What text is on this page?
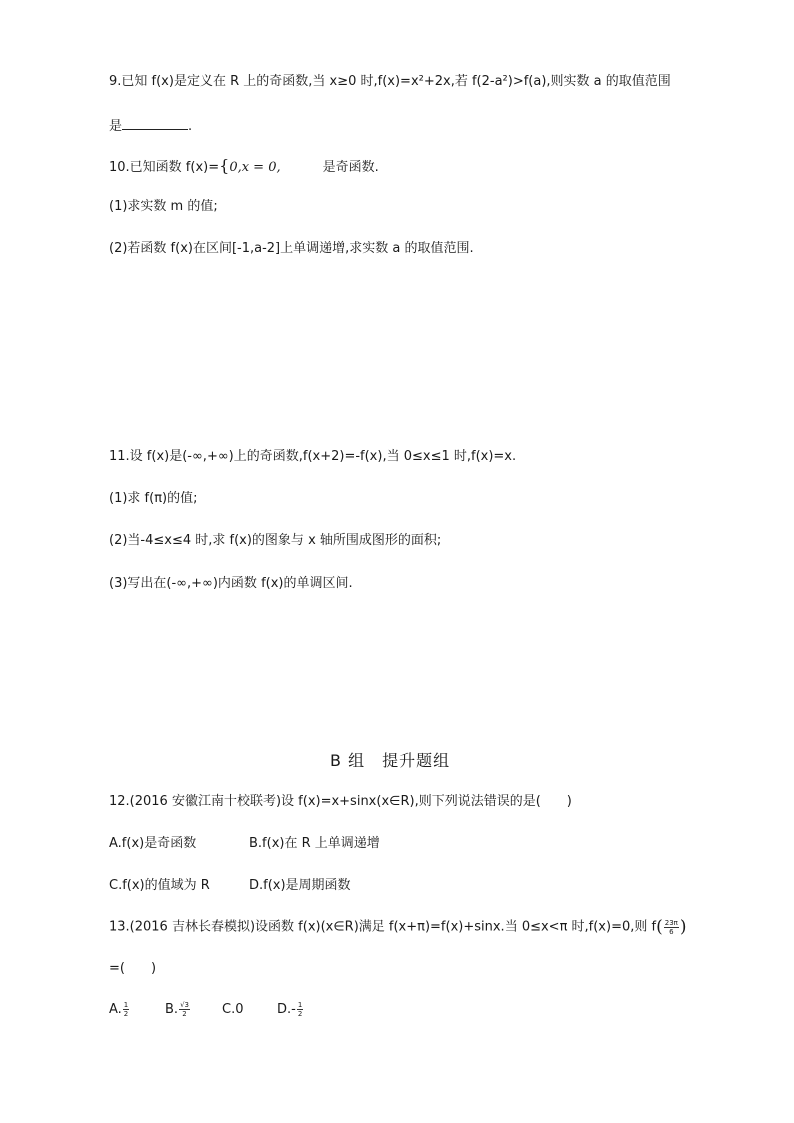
9.已知 f(x)是定义在 R 上的奇函数,当 x≥0 时,f(x)=x²+2x,若 f(2-a²)>f(a),则实数 a 的取值范围
是	.
10.已知函数 f(x)={0,x = 0,	是奇函数.
(1)求实数 m 的值;
(2)若函数 f(x)在区间[-1,a-2]上单调递增,求实数 a 的取值范围.
11.设 f(x)是(-∞,+∞)上的奇函数,f(x+2)=-f(x),当 0≤x≤1 时,f(x)=x.
(1)求 f(π)的值;
(2)当-4≤x≤4 时,求 f(x)的图象与 x 轴所围成图形的面积;
(3)写出在(-∞,+∞)内函数 f(x)的单调区间.
B 组　提升题组
12.(2016 安徽江南十校联考)设 f(x)=x+sinx(x∈R),则下列说法错误的是(　　)
A.f(x)是奇函数	B.f(x)在 R 上单调递增
C.f(x)的值域为 R	D.f(x)是周期函数
13.(2016 吉林长春模拟)设函数 f(x)(x∈R)满足 f(x+π)=f(x)+sinx.当 0≤x<π 时,f(x)=0,则 $f( \frac{23\pi}{6}$ )
=(　　)
A. $\frac{1}{2}$	B. $\frac{√3}{2} C.0$	$D.- \frac{1}{2}$
